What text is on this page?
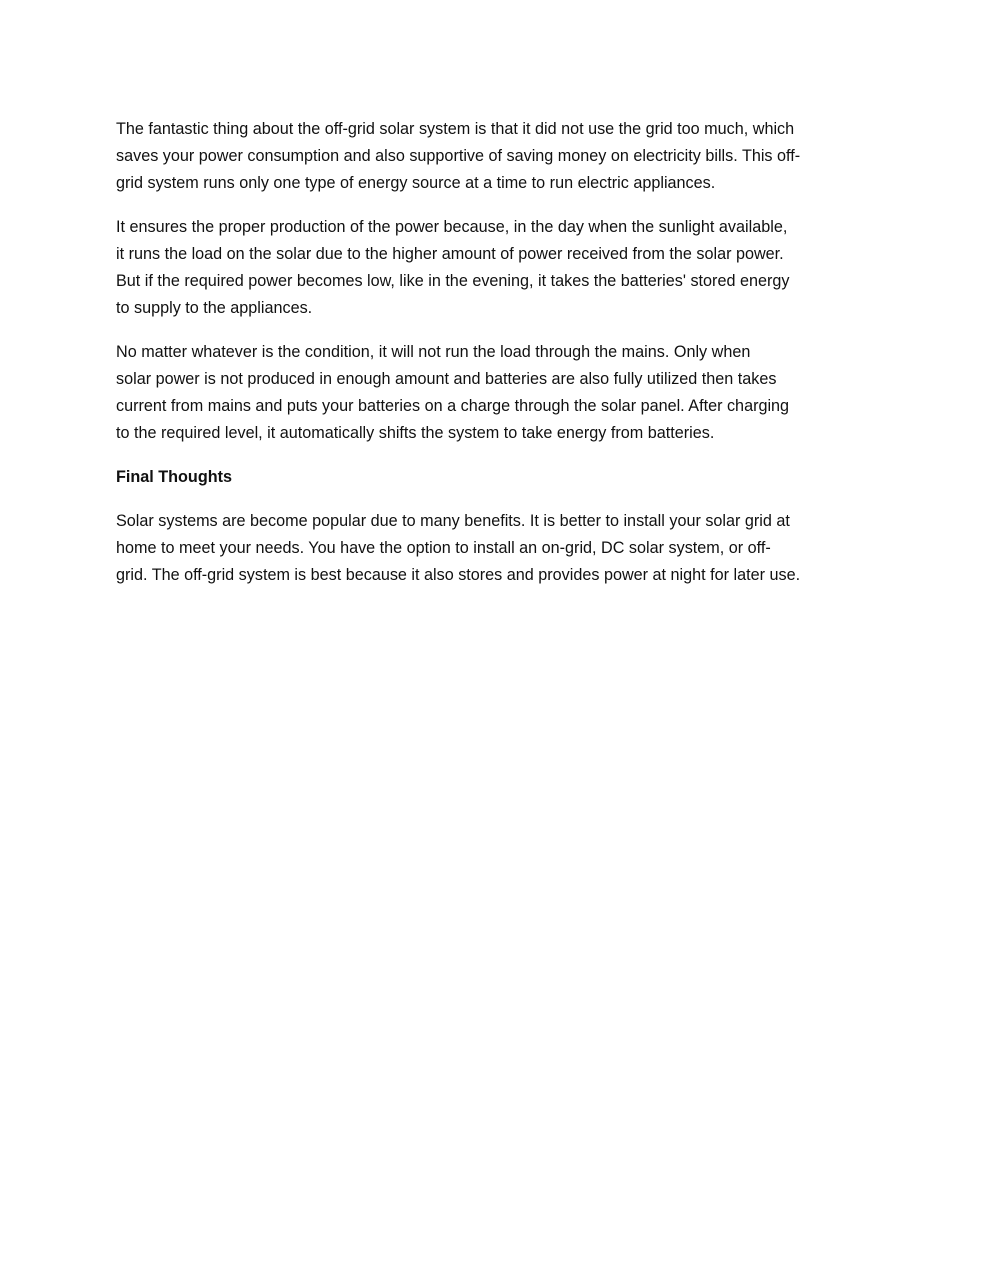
The fantastic thing about the off-grid solar system is that it did not use the grid too much, which
saves your power consumption and also supportive of saving money on electricity bills. This off-
grid system runs only one type of energy source at a time to run electric appliances.

It ensures the proper production of the power because, in the day when the sunlight available,
it runs the load on the solar due to the higher amount of power received from the solar power.
But if the required power becomes low, like in the evening, it takes the batteries' stored energy
to supply to the appliances.

No matter whatever is the condition, it will not run the load through the mains. Only when
solar power is not produced in enough amount and batteries are also fully utilized then takes
current from mains and puts your batteries on a charge through the solar panel. After charging
to the required level, it automatically shifts the system to take energy from batteries.

Final Thoughts

Solar systems are become popular due to many benefits. It is better to install your solar grid at
home to meet your needs. You have the option to install an on-grid, DC solar system, or off-
grid. The off-grid system is best because it also stores and provides power at night for later use.
